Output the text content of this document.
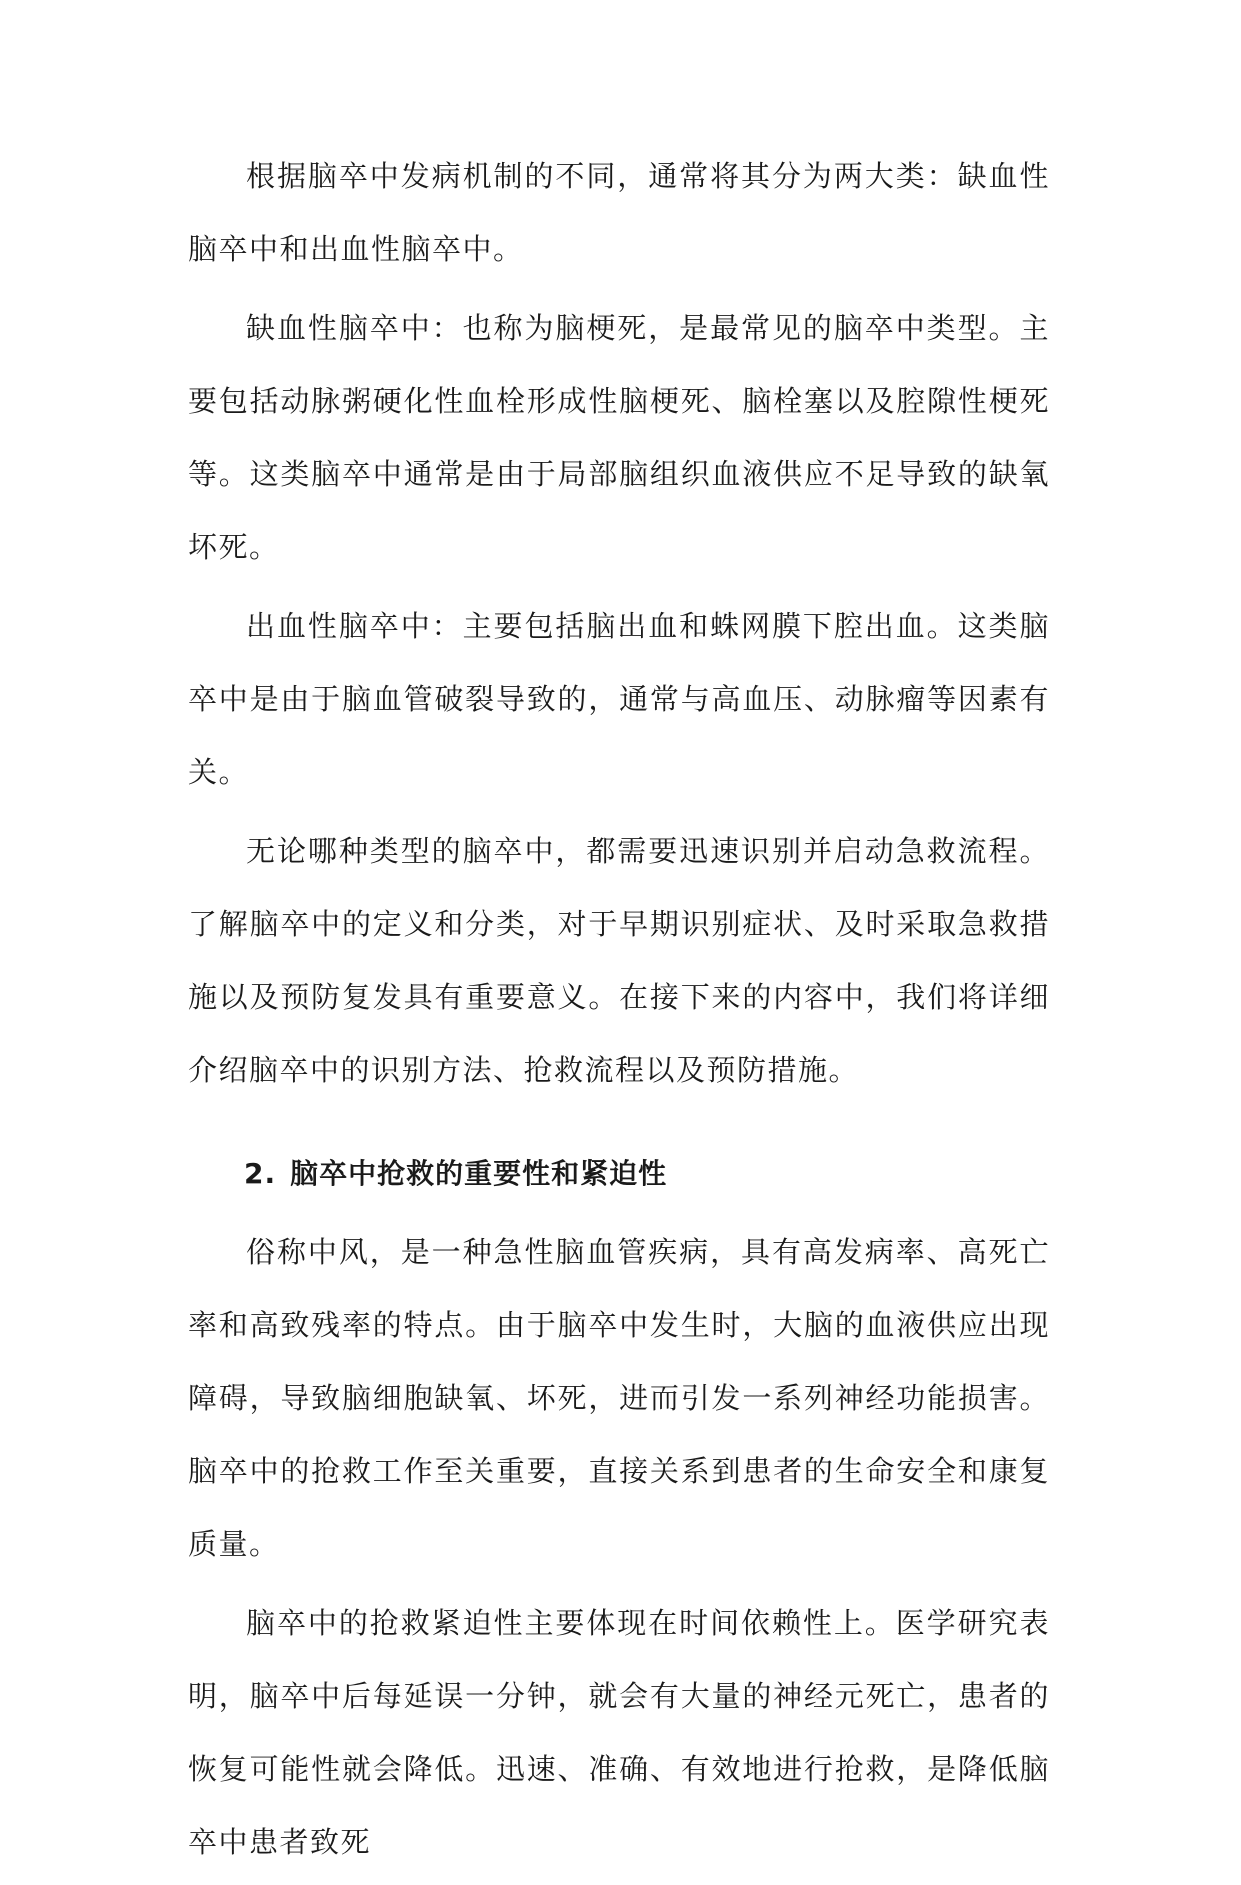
根据脑卒中发病机制的不同，通常将其分为两大类：缺血性脑卒中和出血性脑卒中。

缺血性脑卒中：也称为脑梗死，是最常见的脑卒中类型。主要包括动脉粥硬化性血栓形成性脑梗死、脑栓塞以及腔隙性梗死等。这类脑卒中通常是由于局部脑组织血液供应不足导致的缺氧坏死。

出血性脑卒中：主要包括脑出血和蛛网膜下腔出血。这类脑卒中是由于脑血管破裂导致的，通常与高血压、动脉瘤等因素有关。

无论哪种类型的脑卒中，都需要迅速识别并启动急救流程。了解脑卒中的定义和分类，对于早期识别症状、及时采取急救措施以及预防复发具有重要意义。在接下来的内容中，我们将详细介绍脑卒中的识别方法、抢救流程以及预防措施。

2. 脑卒中抢救的重要性和紧迫性

俗称中风，是一种急性脑血管疾病，具有高发病率、高死亡率和高致残率的特点。由于脑卒中发生时，大脑的血液供应出现障碍，导致脑细胞缺氧、坏死，进而引发一系列神经功能损害。脑卒中的抢救工作至关重要，直接关系到患者的生命安全和康复质量。

脑卒中的抢救紧迫性主要体现在时间依赖性上。医学研究表明，脑卒中后每延误一分钟，就会有大量的神经元死亡，患者的恢复可能性就会降低。迅速、准确、有效地进行抢救，是降低脑卒中患者致死
